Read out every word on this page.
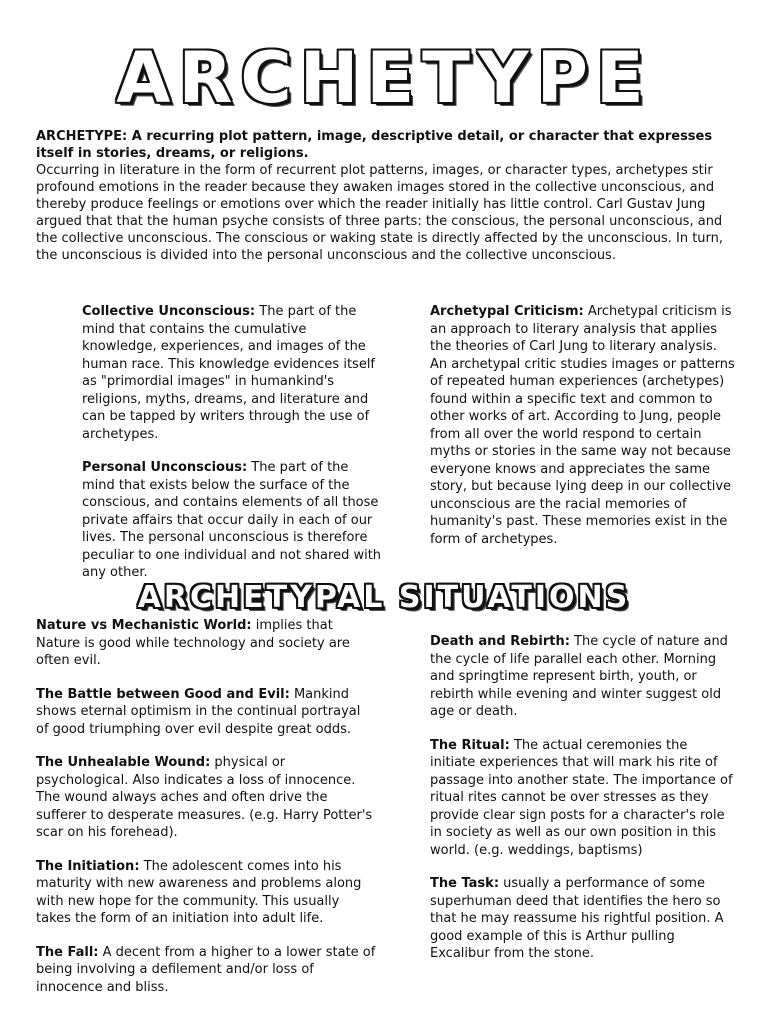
ARCHETYPE

ARCHETYPE: A recurring plot pattern, image, descriptive detail, or character that expresses itself in stories, dreams, or religions.

Occurring in literature in the form of recurrent plot patterns, images, or character types, archetypes stir profound emotions in the reader because they awaken images stored in the collective unconscious, and thereby produce feelings or emotions over which the reader initially has little control. Carl Gustav Jung argued that that the human psyche consists of three parts: the conscious, the personal unconscious, and the collective unconscious. The conscious or waking state is directly affected by the unconscious. In turn, the unconscious is divided into the personal unconscious and the collective unconscious.

Collective Unconscious: The part of the mind that contains the cumulative knowledge, experiences, and images of the human race. This knowledge evidences itself as "primordial images" in humankind's religions, myths, dreams, and literature and can be tapped by writers through the use of archetypes.

Personal Unconscious: The part of the mind that exists below the surface of the conscious, and contains elements of all those private affairs that occur daily in each of our lives. The personal unconscious is therefore peculiar to one individual and not shared with any other.

Archetypal Criticism: Archetypal criticism is an approach to literary analysis that applies the theories of Carl Jung to literary analysis. An archetypal critic studies images or patterns of repeated human experiences (archetypes) found within a specific text and common to other works of art. According to Jung, people from all over the world respond to certain myths or stories in the same way not because everyone knows and appreciates the same story, but because lying deep in our collective unconscious are the racial memories of humanity's past. These memories exist in the form of archetypes.

ARCHETYPAL SITUATIONS

Nature vs Mechanistic World: implies that Nature is good while technology and society are often evil.

The Battle between Good and Evil: Mankind shows eternal optimism in the continual portrayal of good triumphing over evil despite great odds.

The Unhealable Wound: physical or psychological. Also indicates a loss of innocence. The wound always aches and often drive the sufferer to desperate measures. (e.g. Harry Potter's scar on his forehead).

The Initiation: The adolescent comes into his maturity with new awareness and problems along with new hope for the community. This usually takes the form of an initiation into adult life.

The Fall: A decent from a higher to a lower state of being involving a defilement and/or loss of innocence and bliss.

Death and Rebirth: The cycle of nature and the cycle of life parallel each other. Morning and springtime represent birth, youth, or rebirth while evening and winter suggest old age or death.

The Ritual: The actual ceremonies the initiate experiences that will mark his rite of passage into another state. The importance of ritual rites cannot be over stresses as they provide clear sign posts for a character's role in society as well as our own position in this world. (e.g. weddings, baptisms)

The Task: usually a performance of some superhuman deed that identifies the hero so that he may reassume his rightful position. A good example of this is Arthur pulling Excalibur from the stone.
